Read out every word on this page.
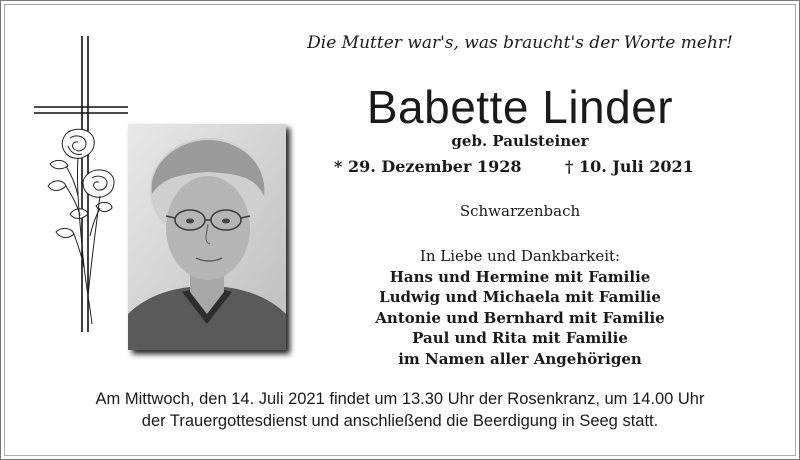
Die Mutter war's, was braucht's der Worte mehr!
Babette Linder
geb. Paulsteiner
* 29. Dezember 1928	† 10. Juli 2021
Schwarzenbach
In Liebe und Dankbarkeit:
Hans und Hermine mit Familie
Ludwig und Michaela mit Familie
Antonie und Bernhard mit Familie
Paul und Rita mit Familie
im Namen aller Angehörigen
Am Mittwoch, den 14. Juli 2021 findet um 13.30 Uhr der Rosenkranz, um 14.00 Uhr
der Trauergottesdienst und anschließend die Beerdigung in Seeg statt.
